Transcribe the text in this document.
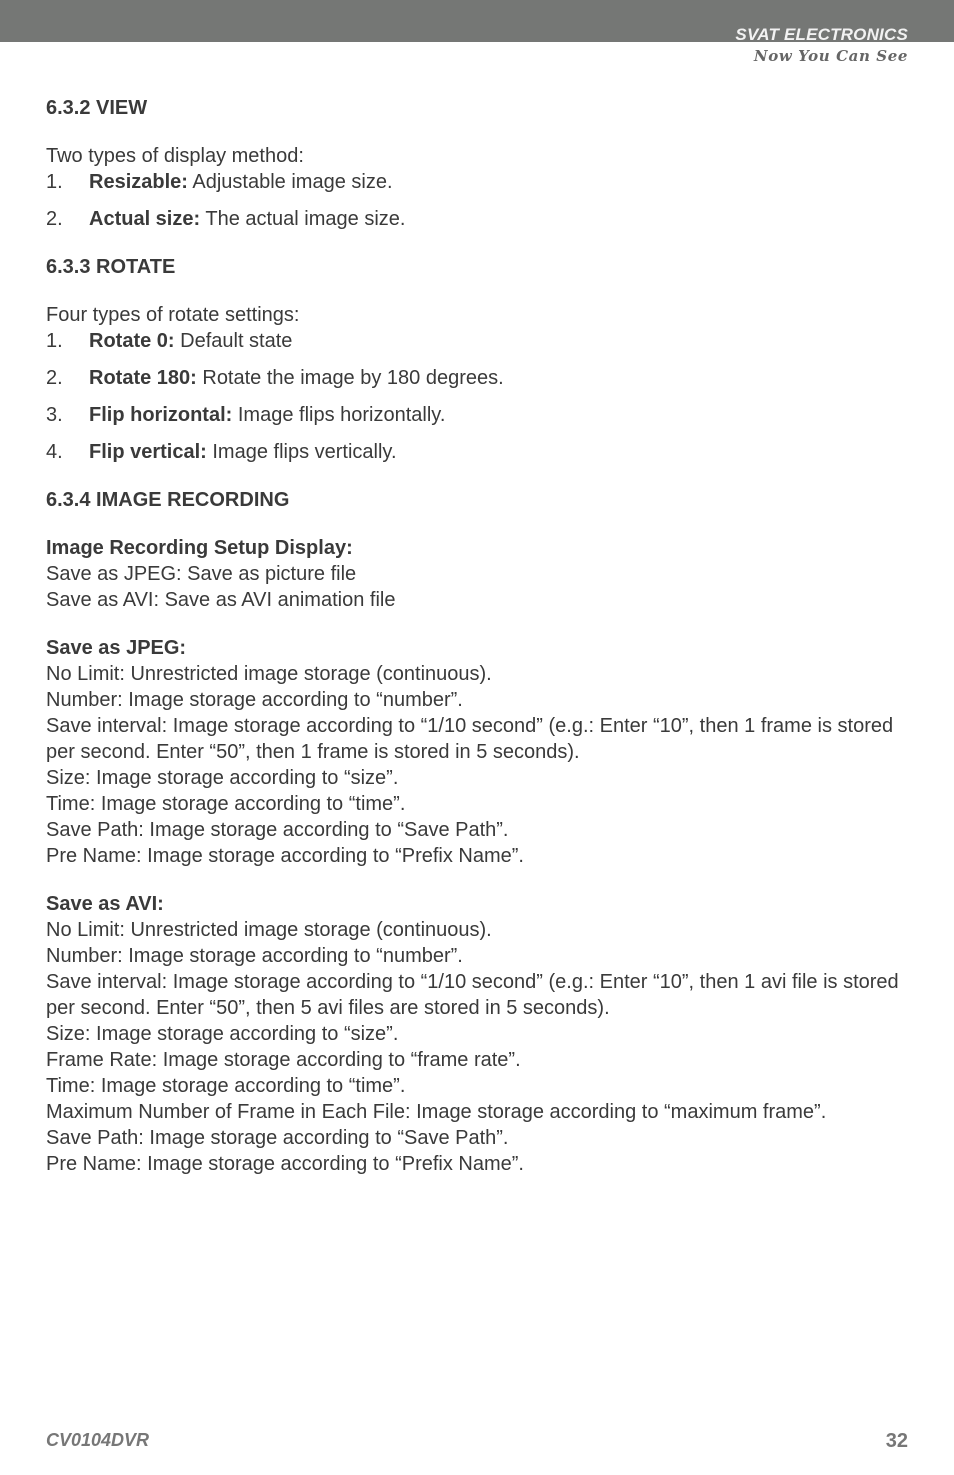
SVAT ELECTRONICS
Now You Can See
6.3.2 VIEW
Two types of display method:
1.	Resizable: Adjustable image size.
2.	Actual size: The actual image size.
6.3.3 ROTATE
Four types of rotate settings:
1.	Rotate 0: Default state
2.	Rotate 180: Rotate the image by 180 degrees.
3.	Flip horizontal: Image flips horizontally.
4.	Flip vertical: Image flips vertically.
6.3.4 IMAGE RECORDING

Image Recording Setup Display:

Save as JPEG: Save as picture file

Save as AVI: Save as AVI animation file

Save as JPEG:

No Limit: Unrestricted image storage (continuous).

Number: Image storage according to “number”.

Save interval: Image storage according to “1/10 second” (e.g.: Enter “10”, then 1 frame is stored per second. Enter “50”, then 1 frame is stored in 5 seconds).

Size: Image storage according to “size”.

Time: Image storage according to “time”.

Save Path: Image storage according to “Save Path”.

Pre Name: Image storage according to “Prefix Name”.

Save as AVI:

No Limit: Unrestricted image storage (continuous).

Number: Image storage according to “number”.

Save interval: Image storage according to “1/10 second” (e.g.: Enter “10”, then 1 avi file is stored per second. Enter “50”, then 5 avi files are stored in 5 seconds).

Size: Image storage according to “size”.

Frame Rate: Image storage according to “frame rate”.

Time: Image storage according to “time”.

Maximum Number of Frame in Each File: Image storage according to “maximum frame”.

Save Path: Image storage according to “Save Path”.

Pre Name: Image storage according to “Prefix Name”.

CV0104DVR	32
